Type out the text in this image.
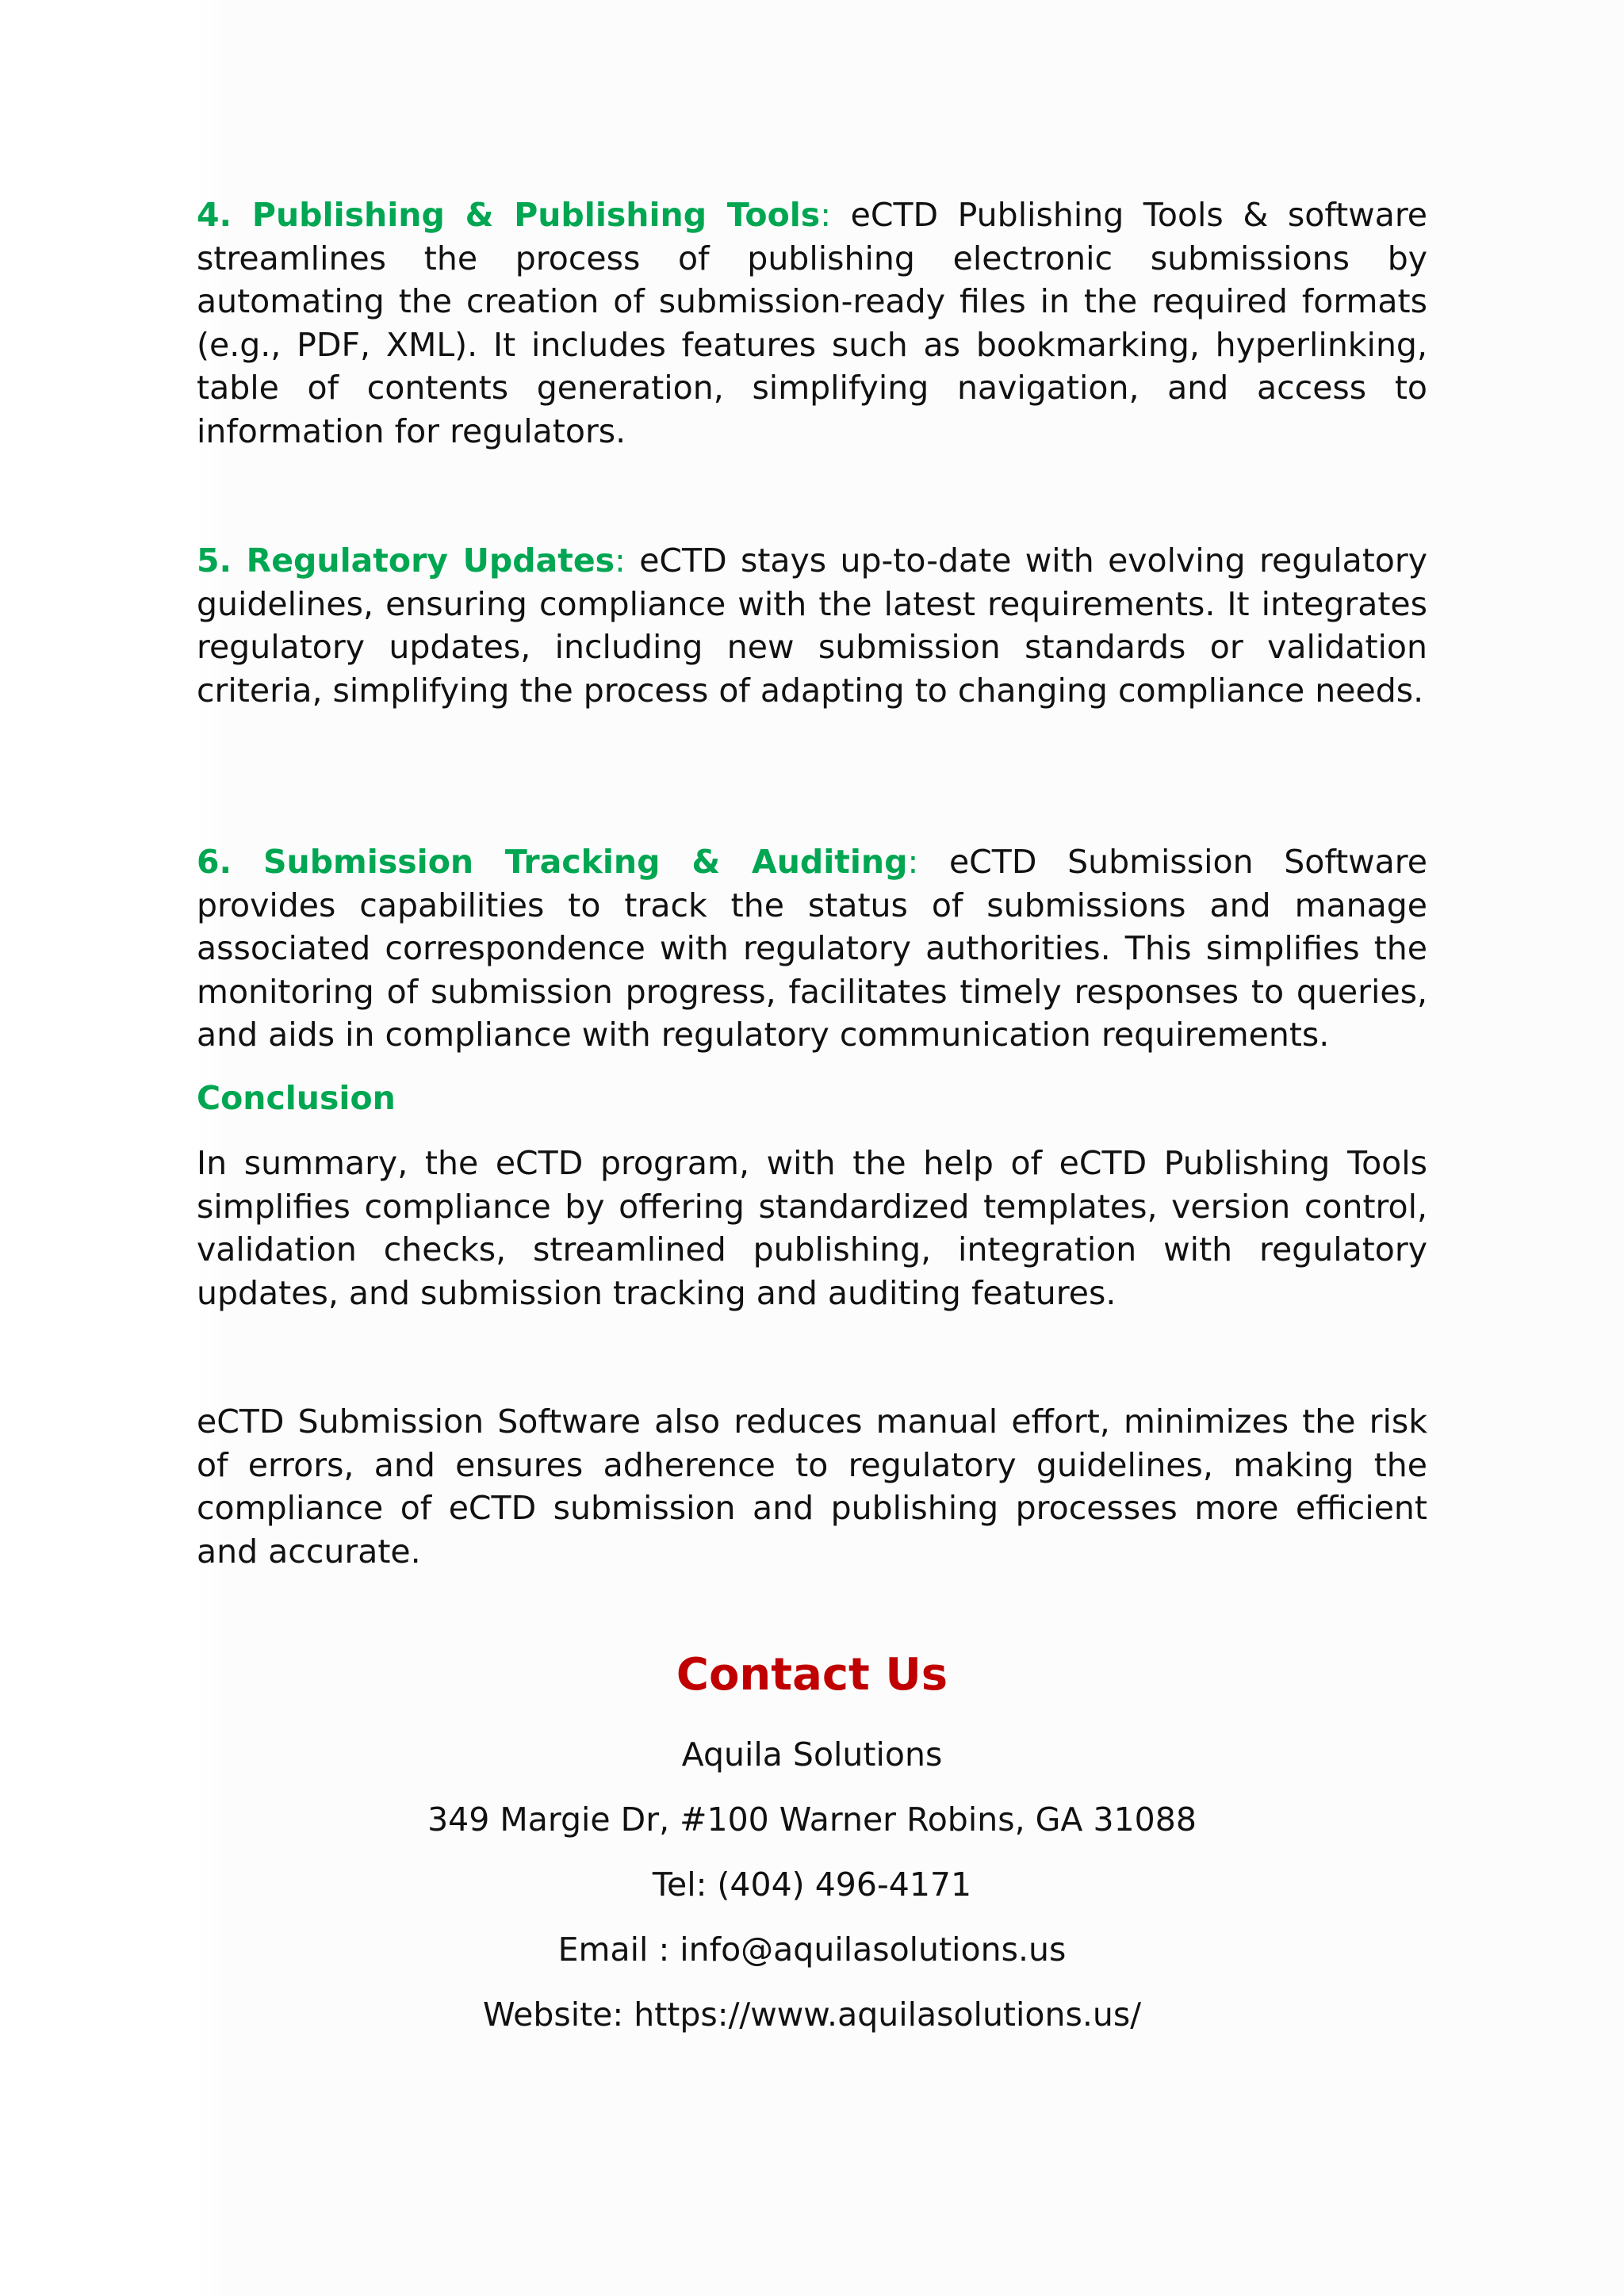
4. Publishing & Publishing Tools: eCTD Publishing Tools & software streamlines the process of publishing electronic submissions by automating the creation of submission-ready files in the required formats (e.g., PDF, XML). It includes features such as bookmarking, hyperlinking, table of contents generation, simplifying navigation, and access to information for regulators.

5. Regulatory Updates: eCTD stays up-to-date with evolving regulatory guidelines, ensuring compliance with the latest requirements. It integrates regulatory updates, including new submission standards or validation criteria, simplifying the process of adapting to changing compliance needs.

6. Submission Tracking & Auditing: eCTD Submission Software provides capabilities to track the status of submissions and manage associated correspondence with regulatory authorities. This simplifies the monitoring of submission progress, facilitates timely responses to queries, and aids in compliance with regulatory communication requirements.

Conclusion

In summary, the eCTD program, with the help of eCTD Publishing Tools simplifies compliance by offering standardized templates, version control, validation checks, streamlined publishing, integration with regulatory updates, and submission tracking and auditing features.

eCTD Submission Software also reduces manual effort, minimizes the risk of errors, and ensures adherence to regulatory guidelines, making the compliance of eCTD submission and publishing processes more efficient and accurate.

Contact Us

Aquila Solutions

349 Margie Dr, #100 Warner Robins, GA 31088

Tel: (404) 496-4171

Email : info@aquilasolutions.us

Website: https://www.aquilasolutions.us/
